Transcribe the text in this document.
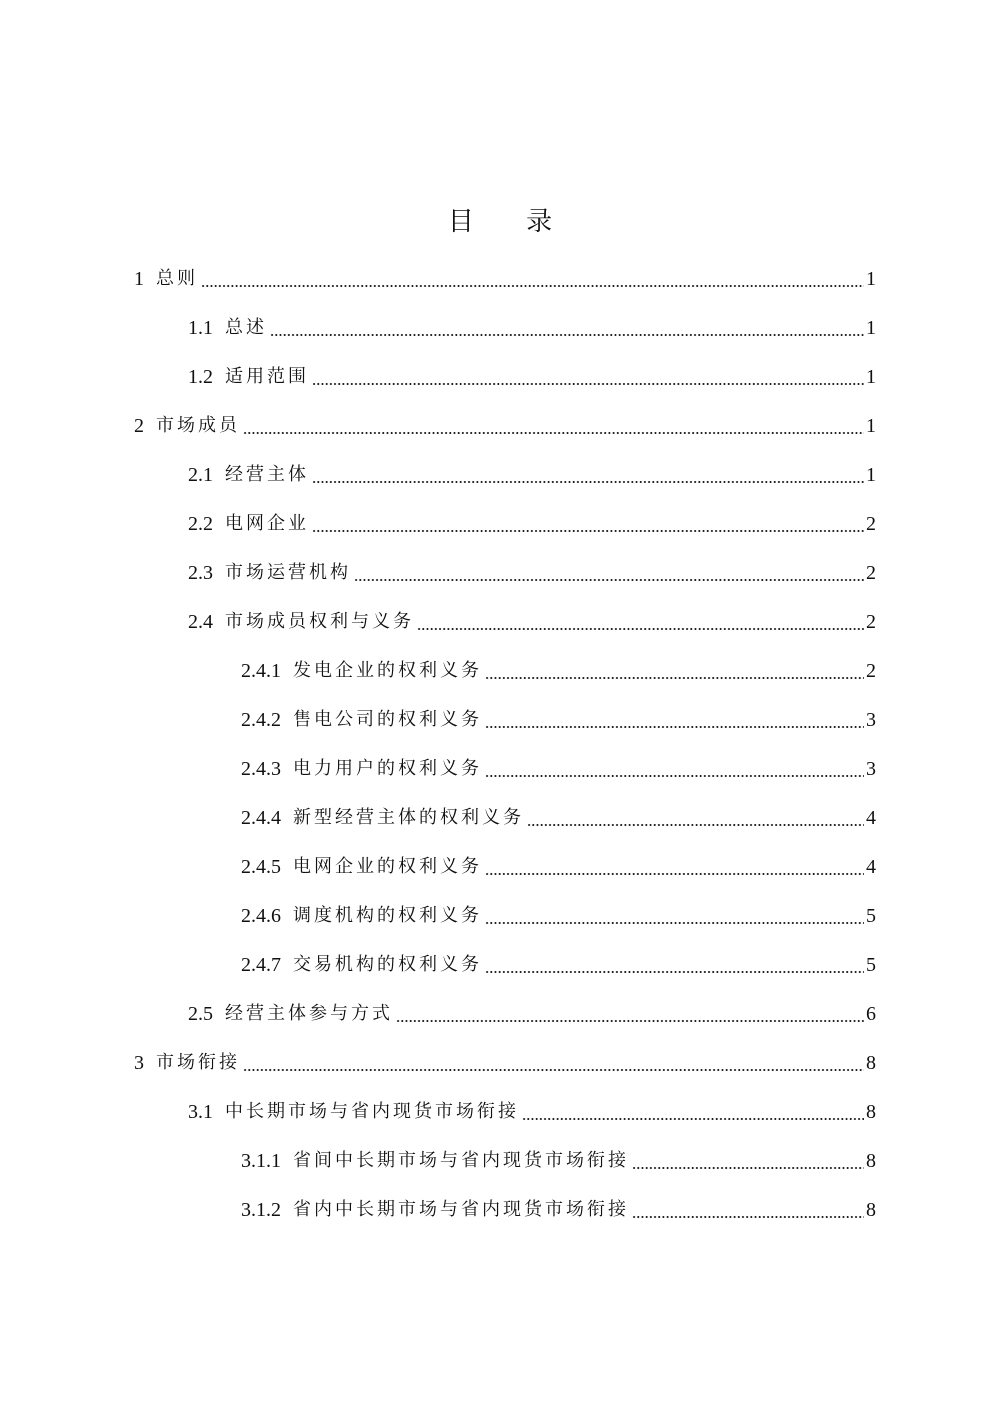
目 录
1 总则	1
1.1 总述	1
1.2 适用范围	1
2 市场成员	1
2.1 经营主体	1
2.2 电网企业	2
2.3 市场运营机构	2
2.4 市场成员权利与义务	2
2.4.1 发电企业的权利义务	2
2.4.2 售电公司的权利义务	3
2.4.3 电力用户的权利义务	3
2.4.4 新型经营主体的权利义务	4
2.4.5 电网企业的权利义务	4
2.4.6 调度机构的权利义务	5
2.4.7 交易机构的权利义务	5
2.5 经营主体参与方式	6
3 市场衔接	8
3.1 中长期市场与省内现货市场衔接	8
3.1.1 省间中长期市场与省内现货市场衔接	8
3.1.2 省内中长期市场与省内现货市场衔接	8
